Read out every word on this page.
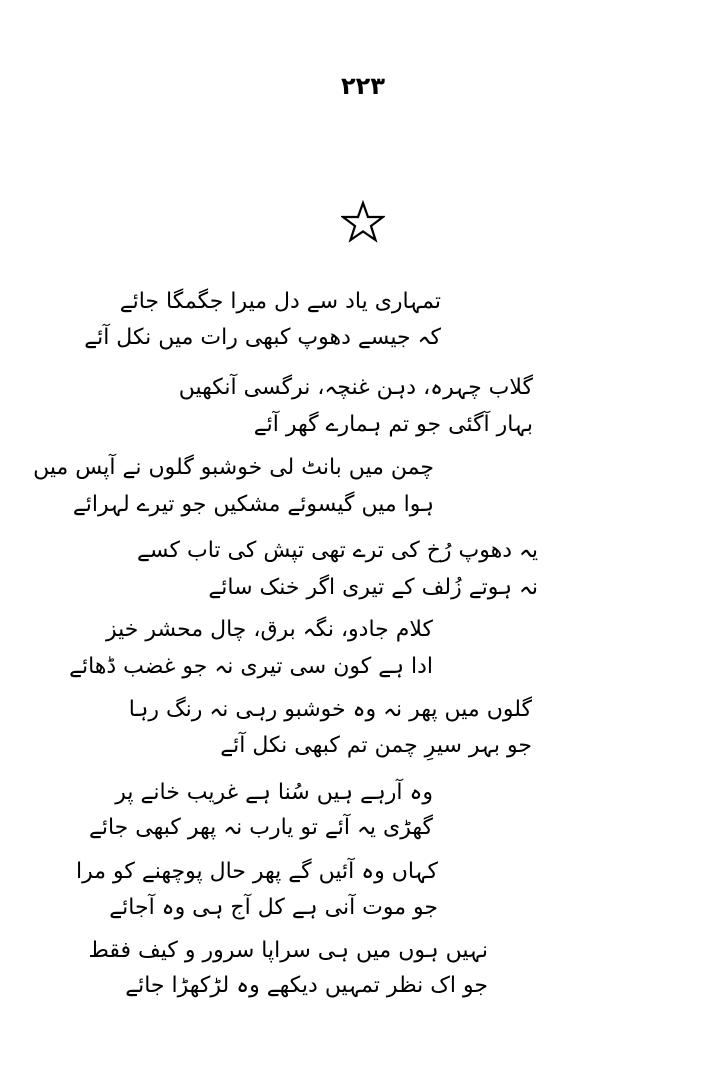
۲۲۳
تمہاری یاد سے دل میرا جگمگا جائے
کہ جیسے دھوپ کبھی رات میں نکل آئے
گلاب چہرہ، دہن غنچہ، نرگسی آنکھیں
بہار آگئی جو تم ہمارے گھر آئے
چمن میں بانٹ لی خوشبو گلوں نے آپس میں
ہوا میں گیسوئے مشکیں جو تیرے لہرائے
یہ دھوپ رُخ کی ترے تھی تپش کی تاب کسے
نہ ہوتے زُلف کے تیری اگر خنک سائے
کلام جادو، نگہ برق، چال محشر خیز
ادا ہے کون سی تیری نہ جو غضب ڈھائے
گلوں میں پھر نہ وہ خوشبو رہی نہ رنگ رہا
جو بہر سیرِ چمن تم کبھی نکل آئے
وہ آرہے ہیں سُنا ہے غریب خانے پر
گھڑی یہ آئے تو یارب نہ پھر کبھی جائے
کہاں وہ آئیں گے پھر حال پوچھنے کو مرا
جو موت آنی ہے کل آج ہی وہ آجائے
نہیں ہوں میں ہی سراپا سرور و کیف فقط
جو اک نظر تمہیں دیکھے وہ لڑکھڑا جائے
